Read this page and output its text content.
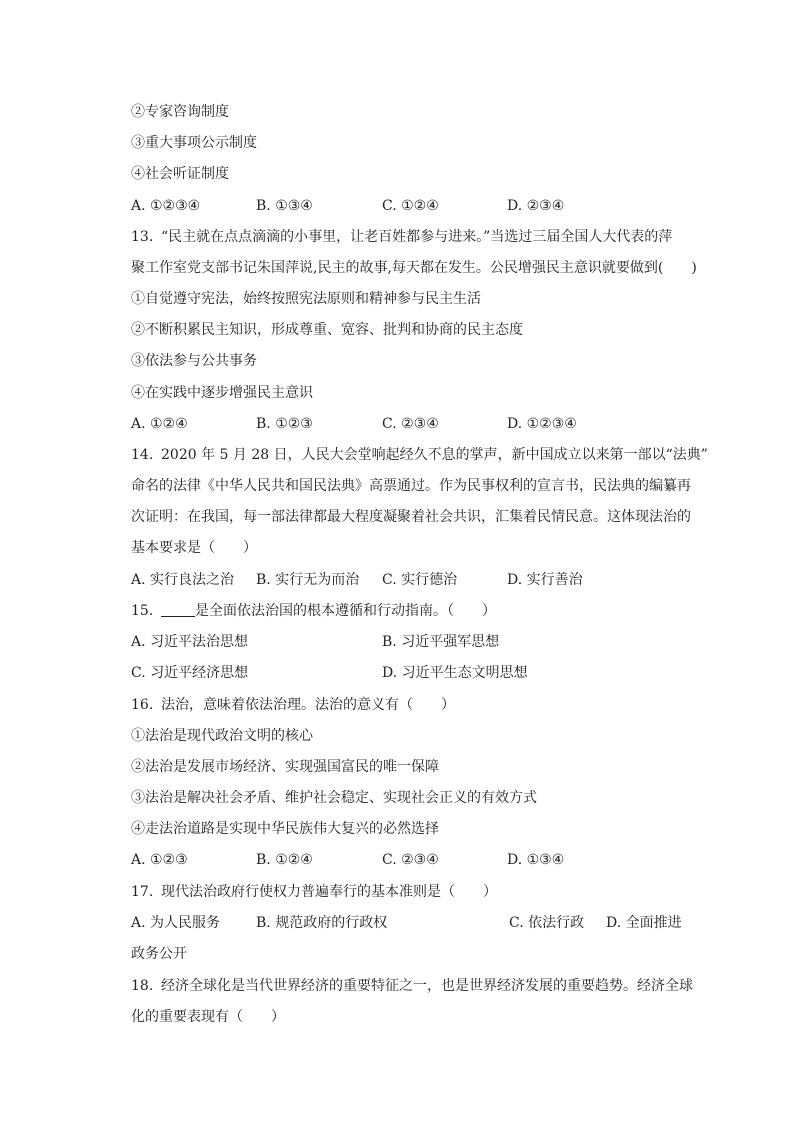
②专家咨询制度
③重大事项公示制度
④社会听证制度
A. ①②③④	B. ①③④	C. ①②④	D. ②③④
13. “民主就在点点滴滴的小事里，让老百姓都参与进来。”当选过三届全国人大代表的萍
聚工作室党支部书记朱国萍说,民主的故事,每天都在发生。公民增强民主意识就要做到(　　)
①自觉遵守宪法，始终按照宪法原则和精神参与民主生活
②不断积累民主知识，形成尊重、宽容、批判和协商的民主态度
③依法参与公共事务
④在实践中逐步增强民主意识
A. ①②④	B. ①②③	C. ②③④	D. ①②③④
14. 2020 年 5 月 28 日，人民大会堂响起经久不息的掌声，新中国成立以来第一部以“法典”
命名的法律《中华人民共和国民法典》高票通过。作为民事权利的宣言书，民法典的编纂再
次证明：在我国，每一部法律都最大程度凝聚着社会共识，汇集着民情民意。这体现法治的
基本要求是（　　）
A. 实行良法之治 B. 实行无为而治 C. 实行德治	D. 实行善治
15.	是全面依法治国的根本遵循和行动指南。（　　）
A. 习近平法治思想	B. 习近平强军思想
C. 习近平经济思想	D. 习近平生态文明思想
16. 法治，意味着依法治理。法治的意义有（　　）
①法治是现代政治文明的核心
②法治是发展市场经济、实现强国富民的唯一保障
③法治是解决社会矛盾、维护社会稳定、实现社会正义的有效方式
④走法治道路是实现中华民族伟大复兴的必然选择
A. ①②③	B. ①②④	C. ②③④	D. ①③④
17. 现代法治政府行使权力普遍奉行的基本准则是（　　）
A. 为人民服务	B. 规范政府的行政权	C. 依法行政 D. 全面推进
政务公开
18. 经济全球化是当代世界经济的重要特征之一，也是世界经济发展的重要趋势。经济全球
化的重要表现有（　　）
